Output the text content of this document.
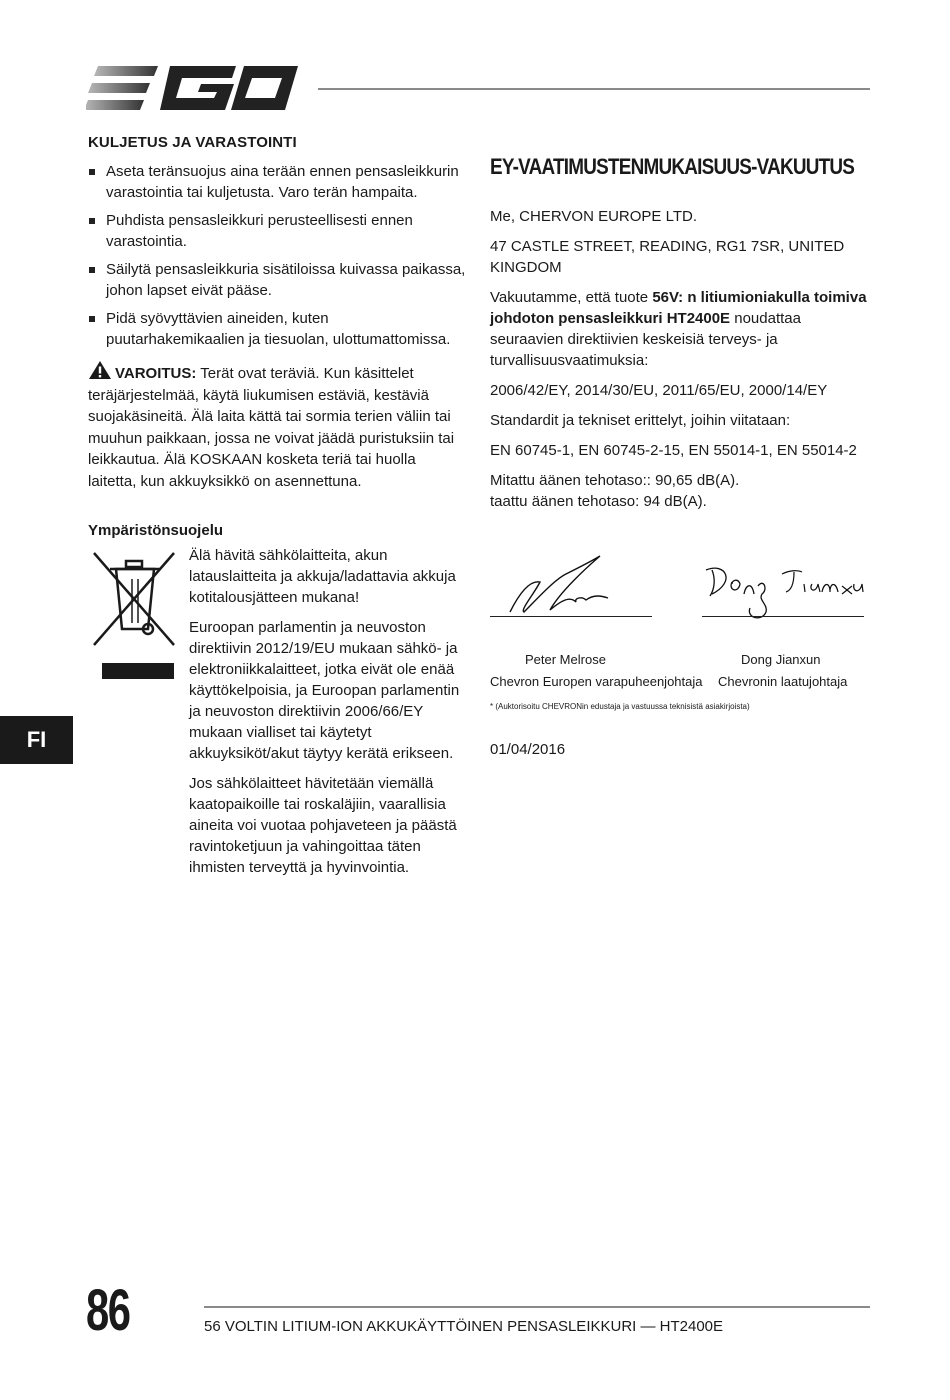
KULJETUS JA VARASTOINTI
Aseta teränsuojus aina terään ennen pensasleikkurin varastointia tai kuljetusta. Varo terän hampaita.
Puhdista pensasleikkuri perusteellisesti ennen varastointia.
Säilytä pensasleikkuria sisätiloissa kuivassa paikassa, johon lapset eivät pääse.
Pidä syövyttävien aineiden, kuten puutarhakemikaalien ja tiesuolan, ulottumattomissa.
VAROITUS: Terät ovat teräviä. Kun käsittelet teräjärjestelmää, käytä liukumisen estäviä, kestäviä suojakäsineitä. Älä laita kättä tai sormia terien väliin tai muuhun paikkaan, jossa ne voivat jäädä puristuksiin tai leikkautua. Älä KOSKAAN kosketa teriä tai huolla laitetta, kun akkuyksikkö on asennettuna.
Ympäristönsuojelu

Älä hävitä sähkölaitteita, akun latauslaitteita ja akkuja/ladattavia akkuja kotitalousjätteen mukana!

Euroopan parlamentin ja neuvoston direktiivin 2012/19/EU mukaan sähkö- ja elektroniikkalaitteet, jotka eivät ole enää käyttökelpoisia, ja Euroopan parlamentin ja neuvoston direktiivin 2006/66/EY mukaan vialliset tai käytetyt akkuyksiköt/akut täytyy kerätä erikseen.

Jos sähkölaitteet hävitetään viemällä kaatopaikoille tai roskaläjiin, vaarallisia aineita voi vuotaa pohjaveteen ja päästä ravintoketjuun ja vahingoittaa täten ihmisten terveyttä ja hyvinvointia.

EY-VAATIMUSTENMUKAISUUS-VAKUUTUS

Me, CHERVON EUROPE LTD.

47 CASTLE STREET, READING, RG1 7SR, UNITED KINGDOM

Vakuutamme, että tuote 56V: n litiumioniakulla toimiva johdoton pensasleikkuri HT2400E noudattaa seuraavien direktiivien keskeisiä terveys- ja turvallisuusvaatimuksia:

2006/42/EY, 2014/30/EU, 2011/65/EU, 2000/14/EY

Standardit ja tekniset erittelyt, joihin viitataan:

EN 60745-1, EN 60745-2-15, EN 55014-1, EN 55014-2

Mitattu äänen tehotaso:: 90,65 dB(A).
taattu äänen tehotaso: 94 dB(A).

Peter Melrose
Chevron Europen varapuheenjohtaja
Dong Jianxun
Chevronin laatujohtaja
* (Auktorisoitu CHEVRONin edustaja ja vastuussa teknisistä asiakirjoista)
01/04/2016
FI
86	56 VOLTIN LITIUM-ION AKKUKÄYTTÖINEN PENSASLEIKKURI — HT2400E
